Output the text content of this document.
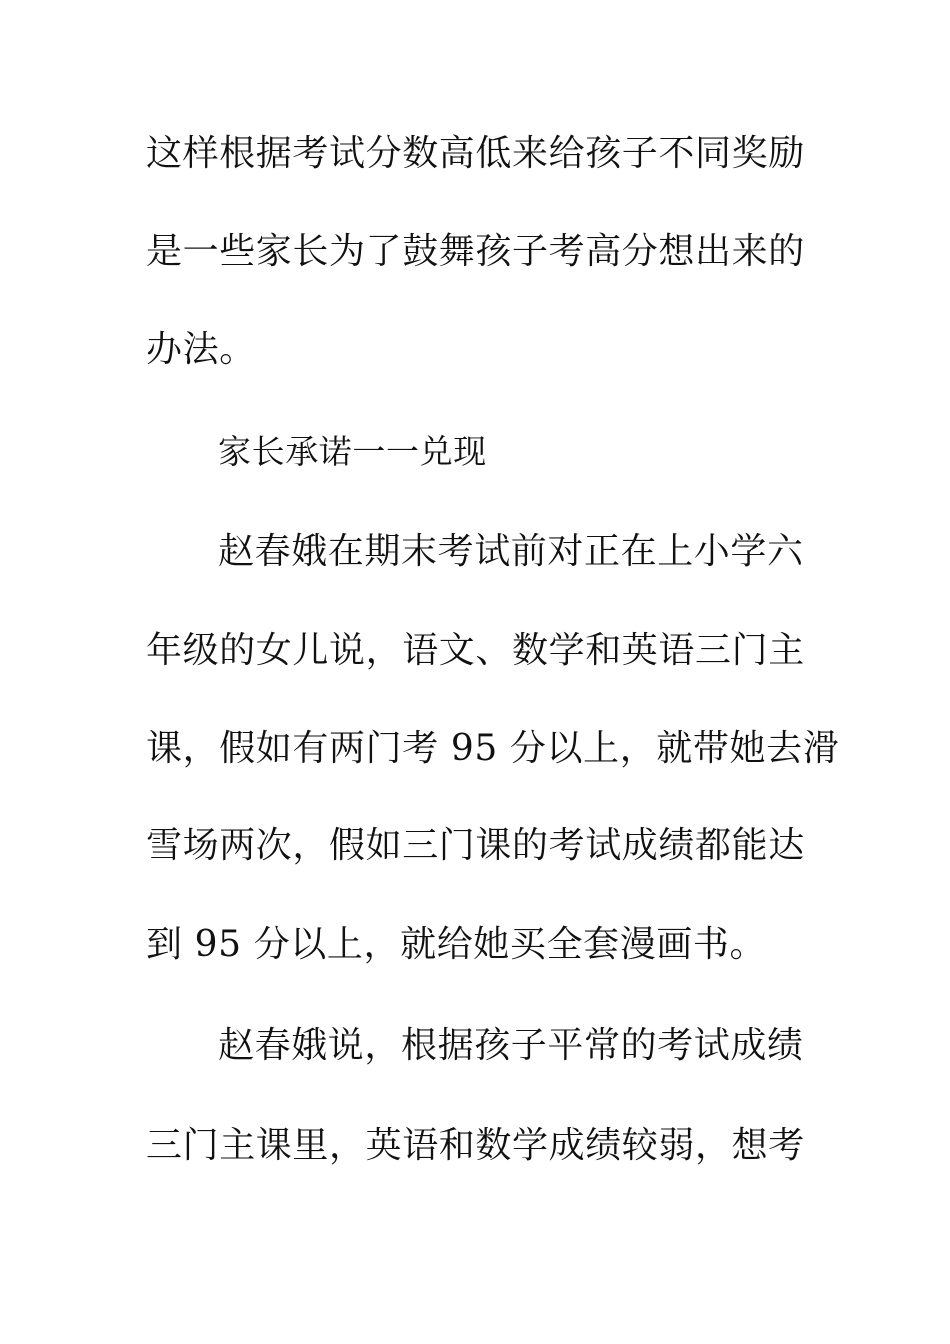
这样根据考试分数高低来给孩子不同奖励
是一些家长为了鼓舞孩子考高分想出来的
办法。
家长承诺一一兑现
赵春娥在期末考试前对正在上小学六
年级的女儿说，语文、数学和英语三门主
课，假如有两门考 95 分以上，就带她去滑
雪场两次，假如三门课的考试成绩都能达
到 95 分以上，就给她买全套漫画书。
赵春娥说，根据孩子平常的考试成绩
三门主课里，英语和数学成绩较弱，想考
